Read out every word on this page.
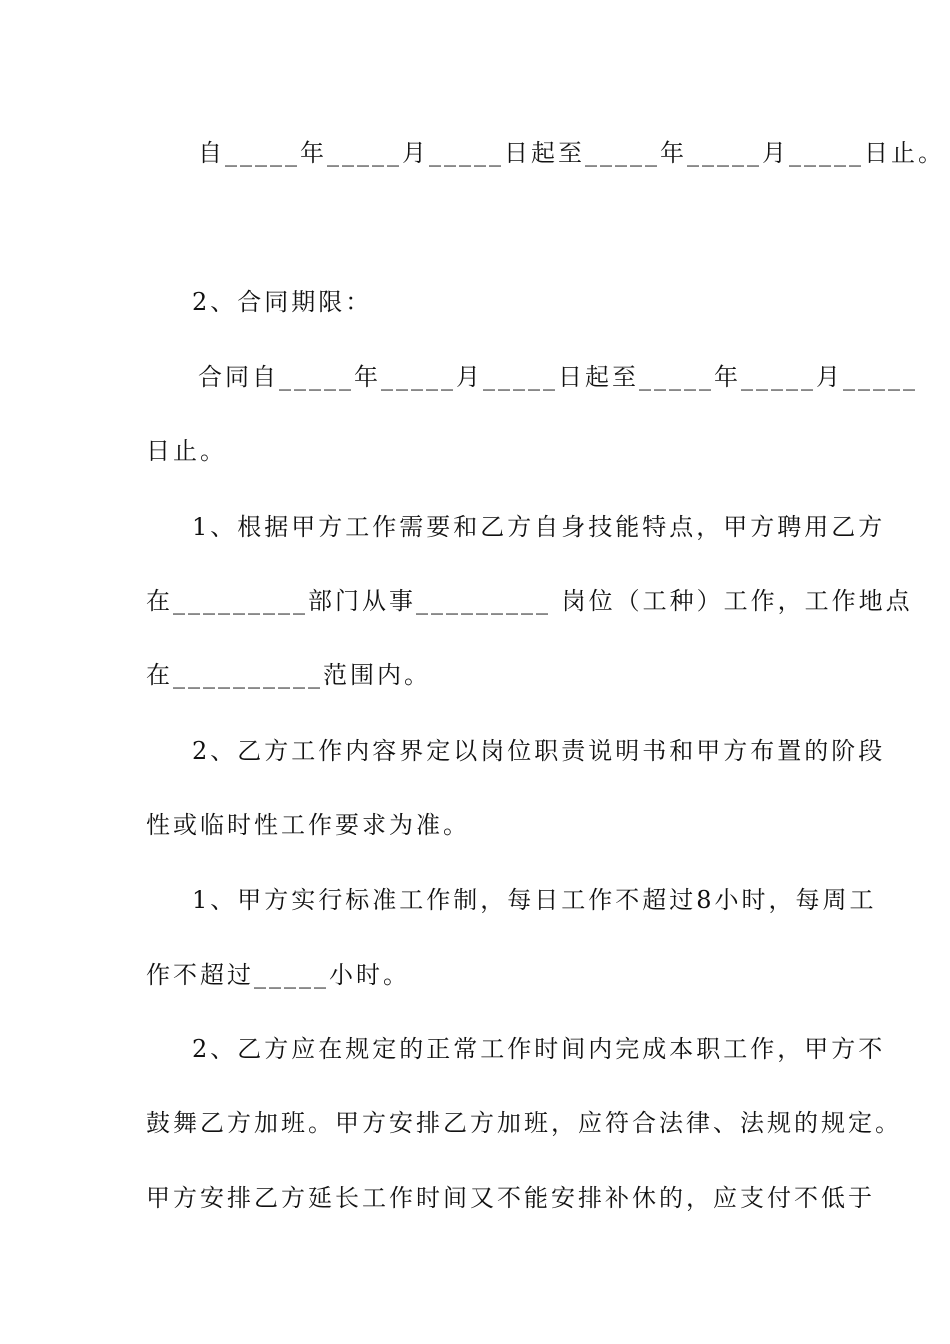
自_____年_____月_____日起至_____年_____月_____日止。
2、合同期限：
合同自_____年_____月_____日起至_____年_____月_____
日止。
1、根据甲方工作需要和乙方自身技能特点，甲方聘用乙方
在_________部门从事_________ 岗位（工种）工作，工作地点
在__________范围内。
2、乙方工作内容界定以岗位职责说明书和甲方布置的阶段
性或临时性工作要求为准。
1、甲方实行标准工作制，每日工作不超过8小时，每周工
作不超过_____小时。
2、乙方应在规定的正常工作时间内完成本职工作，甲方不
鼓舞乙方加班。甲方安排乙方加班，应符合法律、法规的规定。
甲方安排乙方延长工作时间又不能安排补休的，应支付不低于
